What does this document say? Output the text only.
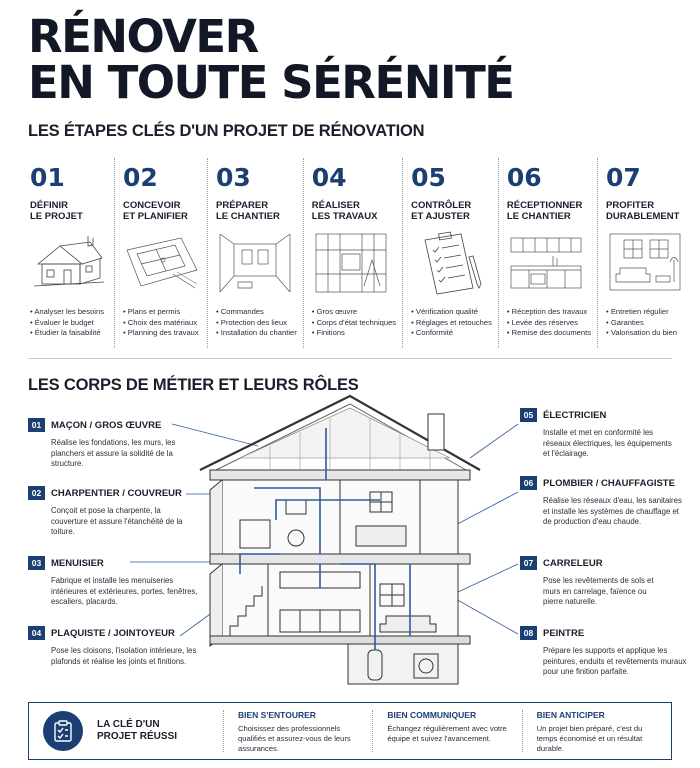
RÉNOVER
EN TOUTE SÉRÉNITÉ
LES ÉTAPES CLÉS D'UN PROJET DE RÉNOVATION
01
DÉFINIR
LE PROJET
• Analyser les besoins
• Évaluer le budget
• Étudier la faisabilité
02
CONCEVOIR
ET PLANIFIER
• Plans et permis
• Choix des matériaux
• Planning des travaux
03
PRÉPARER
LE CHANTIER
• Commandes
• Protection des lieux
• Installation du chantier
04
RÉALISER
LES TRAVAUX
• Gros œuvre
• Corps d'état techniques
• Finitions
05
CONTRÔLER
ET AJUSTER
• Vérification qualité
• Réglages et retouches
• Conformité
06
RÉCEPTIONNER
LE CHANTIER
• Réception des travaux
• Levée des réserves
• Remise des documents
07
PROFITER
DURABLEMENT
• Entretien régulier
• Garanties
• Valorisation du bien
LES CORPS DE MÉTIER ET LEURS RÔLES
01	MAÇON / GROS ŒUVRE
Réalise les fondations, les murs, les planchers et assure la solidité de la structure.
02	CHARPENTIER / COUVREUR
Conçoit et pose la charpente, la couverture et assure l'étanchéité de la toiture.
03	MENUISIER
Fabrique et installe les menuiseries intérieures et extérieures, portes, fenêtres, escaliers, placards.
04	PLAQUISTE / JOINTOYEUR
Pose les cloisons, l'isolation intérieure, les plafonds et réalise les joints et finitions.
05	ÉLECTRICIEN
Installe et met en conformité les réseaux électriques, les équipements et l'éclairage.
06	PLOMBIER / CHAUFFAGISTE
Réalise les réseaux d'eau, les sanitaires et installe les systèmes de chauffage et de production d'eau chaude.
07	CARRELEUR
Pose les revêtements de sols et murs en carrelage, faïence ou pierre naturelle.
08	PEINTRE
Prépare les supports et applique les peintures, enduits et revêtements muraux pour une finition parfaite.
LA CLÉ D'UN
PROJET RÉUSSI
BIEN S'ENTOURER
Choisissez des professionnels qualifiés et assurez-vous de leurs assurances.
BIEN COMMUNIQUER
Échangez régulièrement avec votre équipe et suivez l'avancement.
BIEN ANTICIPER
Un projet bien préparé, c'est du temps économisé et un résultat durable.
